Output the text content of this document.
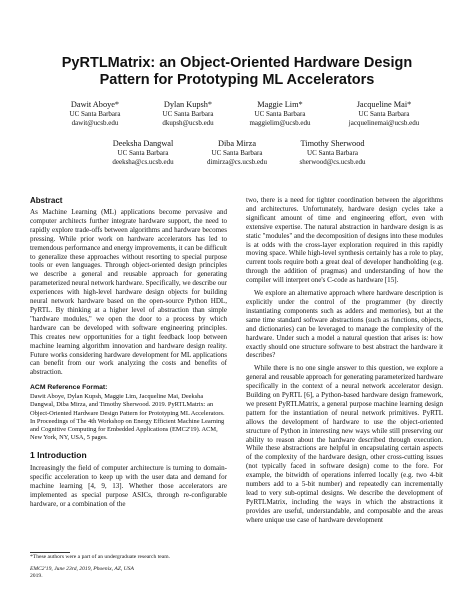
PyRTLMatrix: an Object-Oriented Hardware Design
Pattern for Prototyping ML Accelerators
Dawit Aboye*
UC Santa Barbara
dawit@ucsb.edu
Dylan Kupsh*
UC Santa Barbara
dkupsh@ucsb.edu
Maggie Lim*
UC Santa Barbara
maggielim@ucsb.edu
Jacqueline Mai*
UC Santa Barbara
jacquelinemai@ucsb.edu
Deeksha Dangwal
UC Santa Barbara
deeksha@cs.ucsb.edu
Diba Mirza
UC Santa Barbara
dimirza@cs.ucsb.edu
Timothy Sherwood
UC Santa Barbara
sherwood@cs.ucsb.edu
Abstract

As Machine Learning (ML) applications become pervasive and computer architects further integrate hardware support, the need to rapidly explore trade-offs between algorithms and hardware becomes pressing. While prior work on hardware accelerators has led to tremendous performance and energy improvements, it can be difficult to generalize these approaches without resorting to special purpose tools or even languages. Through object-oriented design principles we describe a general and reusable approach for generating parameterized neural network hardware. Specifically, we describe our experiences with high-level hardware design objects for building neural network hardware based on the open-source Python HDL, PyRTL. By thinking at a higher level of abstraction than simple "hardware modules," we open the door to a process by which hardware can be developed with software engineering principles. This creates new opportunities for a tight feedback loop between machine learning algorithm innovation and hardware design reality. Future works considering hardware development for ML applications can benefit from our work analyzing the costs and benefits of abstraction.

ACM Reference Format:

Dawit Aboye, Dylan Kupsh, Maggie Lim, Jacqueline Mai, Deeksha Dangwal, Diba Mirza, and Timothy Sherwood. 2019. PyRTLMatrix: an Object-Oriented Hardware Design Pattern for Prototyping ML Accelerators. In Proceedings of The 4th Workshop on Energy Efficient Machine Learning and Cognitive Computing for Embedded Applications (EMC2'19). ACM, New York, NY, USA, 5 pages.

1 Introduction

Increasingly the field of computer architecture is turning to domain-specific acceleration to keep up with the user data and demand for machine learning [4, 9, 13]. Whether those accelerators are implemented as special purpose ASICs, through re-configurable hardware, or a combination of the

*These authors were a part of an undergraduate research team.
EMC2'19, June 23rd, 2019, Phoenix, AZ, USA
2019.

two, there is a need for tighter coordination between the algorithms and architectures. Unfortunately, hardware design cycles take a significant amount of time and engineering effort, even with extensive expertise. The natural abstraction in hardware design is as static "modules" and the decomposition of designs into these modules is at odds with the cross-layer exploration required in this rapidly moving space. While high-level synthesis certainly has a role to play, current tools require both a great deal of developer handholding (e.g. through the addition of pragmas) and understanding of how the compiler will interpret one's C-code as hardware [15].

We explore an alternative approach where hardware description is explicitly under the control of the programmer (by directly instantiating components such as adders and memories), but at the same time standard software abstractions (such as functions, objects, and dictionaries) can be leveraged to manage the complexity of the hardware. Under such a model a natural question that arises is: how exactly should one structure software to best abstract the hardware it describes?

While there is no one single answer to this question, we explore a general and reusable approach for generating parameterized hardware specifically in the context of a neural network accelerator design. Building on PyRTL [6], a Python-based hardware design framework, we present PyRTLMatrix, a general purpose machine learning design pattern for the instantiation of neural network primitives. PyRTL allows the development of hardware to use the object-oriented structure of Python in interesting new ways while still preserving our ability to reason about the hardware described through execution. While these abstractions are helpful in encapsulating certain aspects of the complexity of the hardware design, other cross-cutting issues (not typically faced in software design) come to the fore. For example, the bitwidth of operations inferred locally (e.g. two 4-bit numbers add to a 5-bit number) and repeatedly can incrementally lead to very sub-optimal designs. We describe the development of PyRTLMatrix, including the ways in which the abstractions it provides are useful, understandable, and composable and the areas where unique use case of hardware development
